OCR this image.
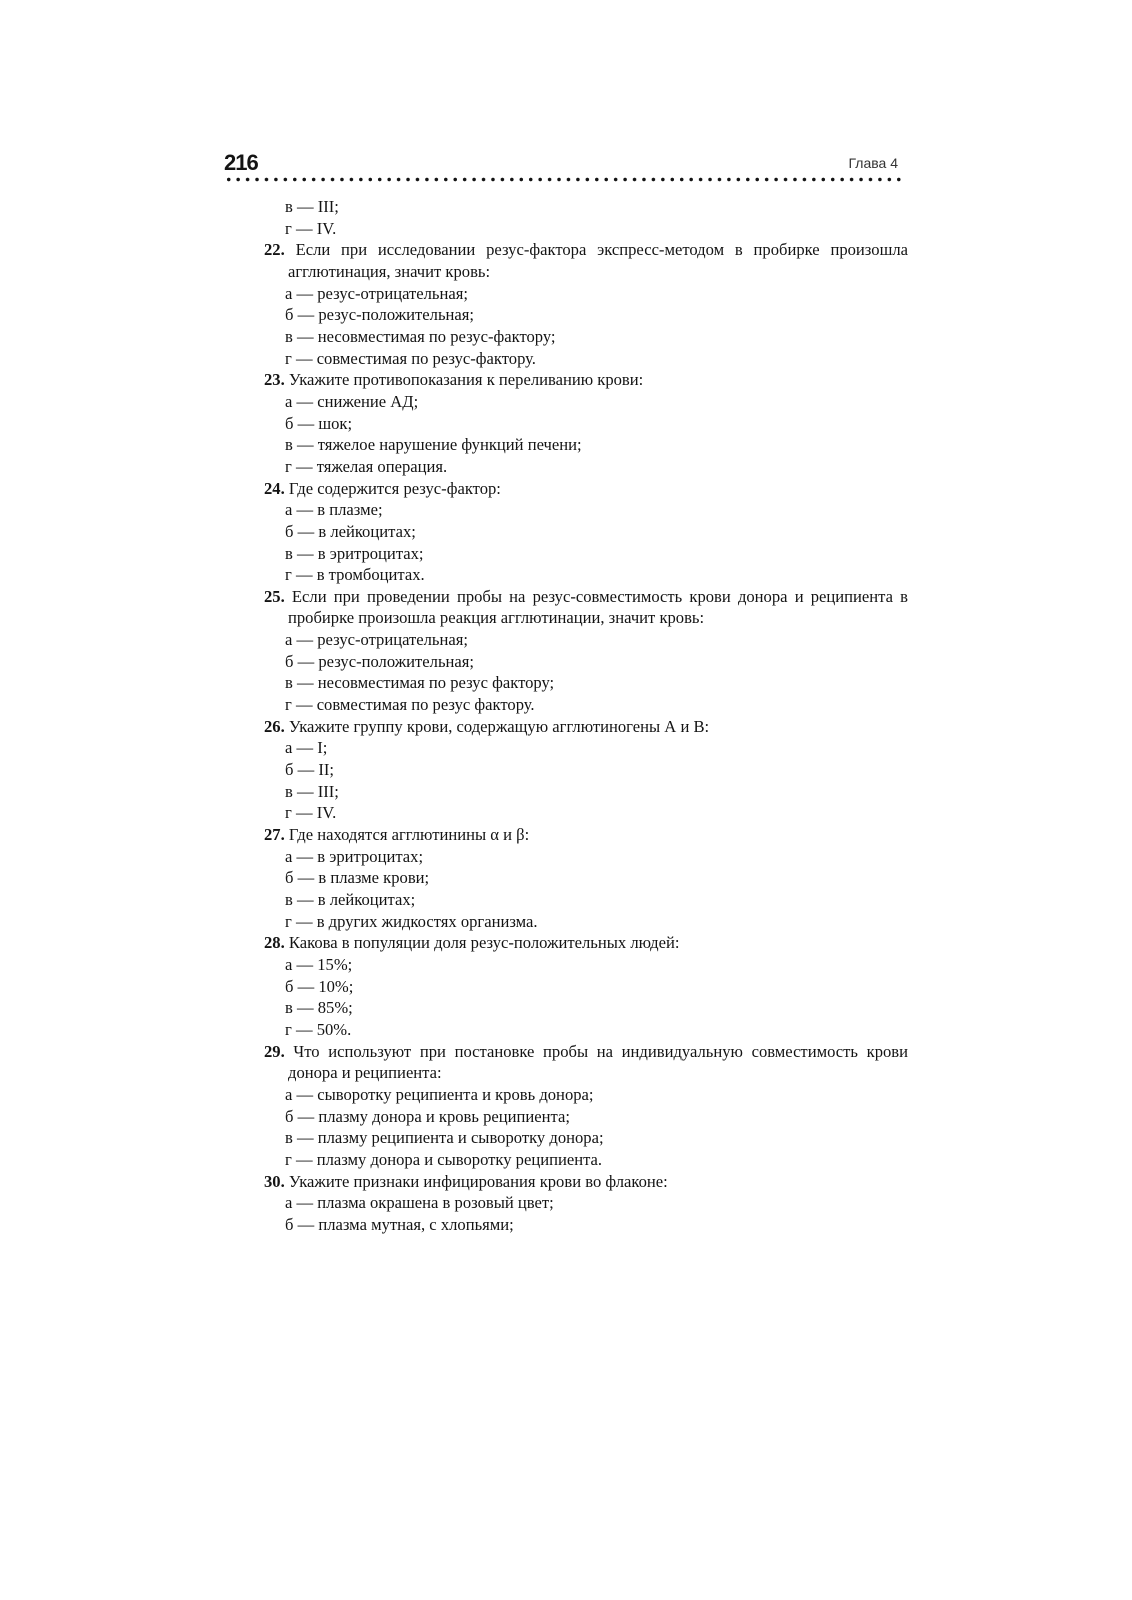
216	Глава 4

в — III;

г — IV.

22. Если при исследовании резус-фактора экспресс-методом в пробирке произошла агглютинация, значит кровь:

а — резус-отрицательная;

б — резус-положительная;

в — несовместимая по резус-фактору;

г — совместимая по резус-фактору.

23. Укажите противопоказания к переливанию крови:

а — снижение АД;

б — шок;

в — тяжелое нарушение функций печени;

г — тяжелая операция.

24. Где содержится резус-фактор:

а — в плазме;

б — в лейкоцитах;

в — в эритроцитах;

г — в тромбоцитах.

25. Если при проведении пробы на резус-совместимость крови донора и реципиента в пробирке произошла реакция агглютинации, значит кровь:

а — резус-отрицательная;

б — резус-положительная;

в — несовместимая по резус фактору;

г — совместимая по резус фактору.

26. Укажите группу крови, содержащую агглютиногены А и В:

а — I;

б — II;

в — III;

г — IV.

27. Где находятся агглютинины α и β:

а — в эритроцитах;

б — в плазме крови;

в — в лейкоцитах;

г — в других жидкостях организма.

28. Какова в популяции доля резус-положительных людей:

а — 15%;

б — 10%;

в — 85%;

г — 50%.

29. Что используют при постановке пробы на индивидуальную совместимость крови донора и реципиента:

а — сыворотку реципиента и кровь донора;

б — плазму донора и кровь реципиента;

в — плазму реципиента и сыворотку донора;

г — плазму донора и сыворотку реципиента.

30. Укажите признаки инфицирования крови во флаконе:

а — плазма окрашена в розовый цвет;

б — плазма мутная, с хлопьями;
